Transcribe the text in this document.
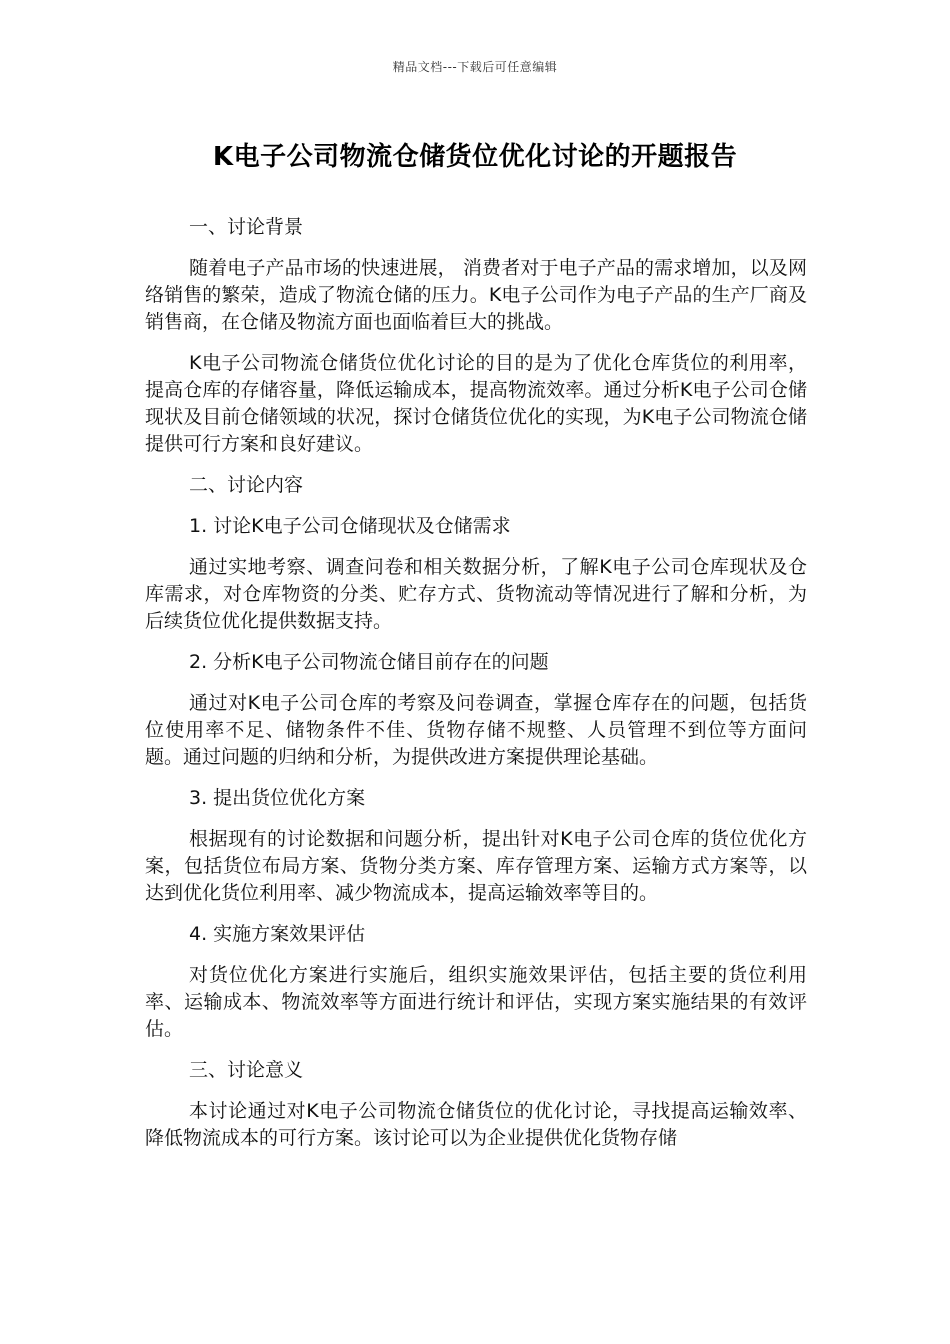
精品文档---下载后可任意编辑
K电子公司物流仓储货位优化讨论的开题报告

一、讨论背景

随着电子产品市场的快速进展， 消费者对于电子产品的需求增加，以及网络销售的繁荣，造成了物流仓储的压力。K电子公司作为电子产品的生产厂商及销售商，在仓储及物流方面也面临着巨大的挑战。

K电子公司物流仓储货位优化讨论的目的是为了优化仓库货位的利用率，提高仓库的存储容量，降低运输成本，提高物流效率。通过分析K电子公司仓储现状及目前仓储领域的状况，探讨仓储货位优化的实现，为K电子公司物流仓储提供可行方案和良好建议。

二、讨论内容

1. 讨论K电子公司仓储现状及仓储需求

通过实地考察、调查问卷和相关数据分析，了解K电子公司仓库现状及仓库需求，对仓库物资的分类、贮存方式、货物流动等情况进行了解和分析，为后续货位优化提供数据支持。

2. 分析K电子公司物流仓储目前存在的问题

通过对K电子公司仓库的考察及问卷调查，掌握仓库存在的问题，包括货位使用率不足、储物条件不佳、货物存储不规整、人员管理不到位等方面问题。通过问题的归纳和分析，为提供改进方案提供理论基础。

3. 提出货位优化方案

根据现有的讨论数据和问题分析，提出针对K电子公司仓库的货位优化方案，包括货位布局方案、货物分类方案、库存管理方案、运输方式方案等，以达到优化货位利用率、减少物流成本，提高运输效率等目的。

4. 实施方案效果评估

对货位优化方案进行实施后，组织实施效果评估，包括主要的货位利用率、运输成本、物流效率等方面进行统计和评估，实现方案实施结果的有效评估。

三、讨论意义

本讨论通过对K电子公司物流仓储货位的优化讨论，寻找提高运输效率、降低物流成本的可行方案。该讨论可以为企业提供优化货物存储
